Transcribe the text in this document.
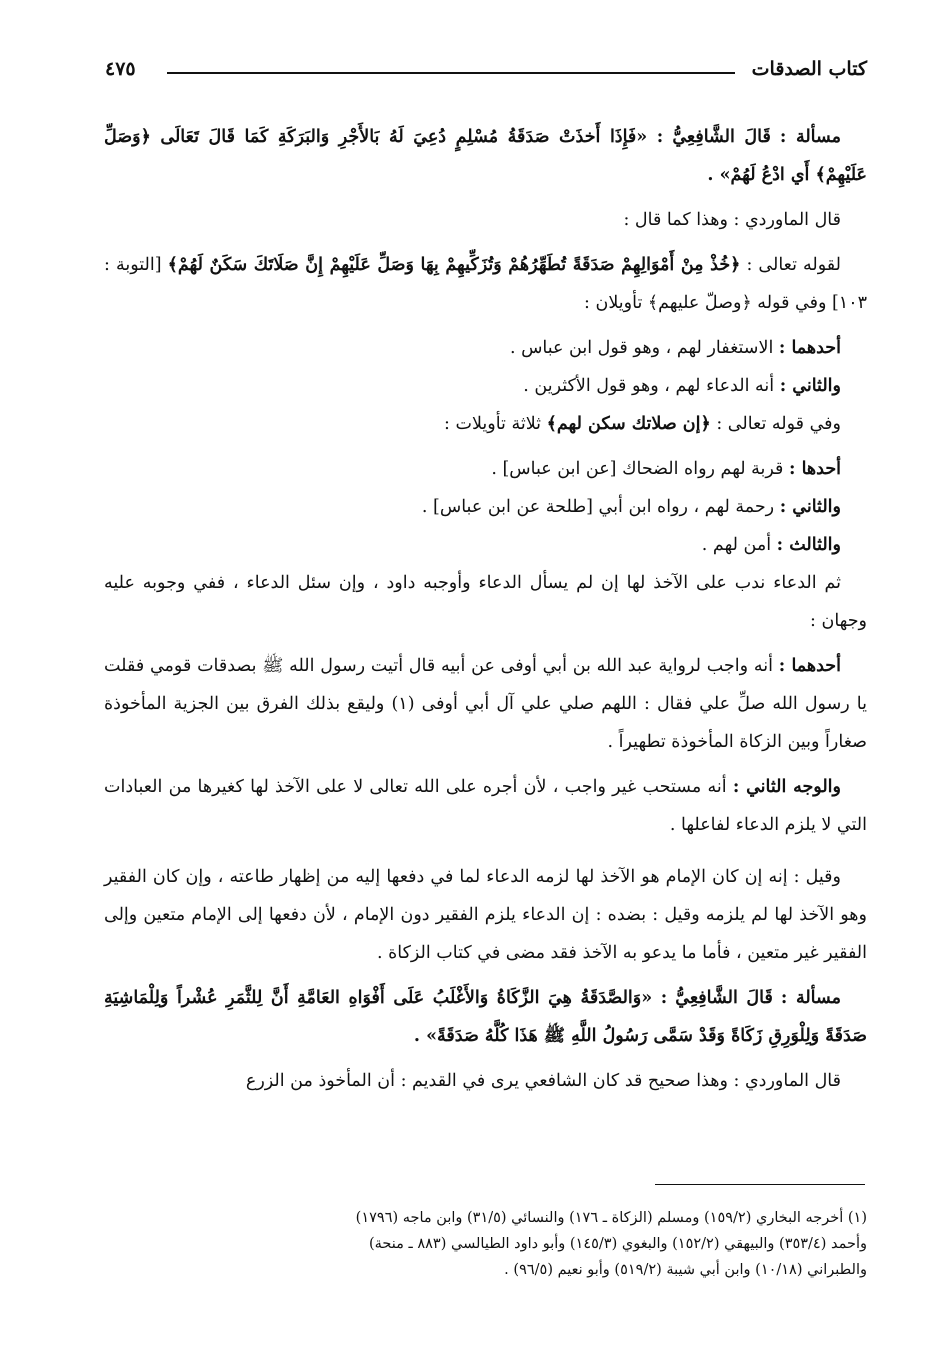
كتاب الصدقات
٤٧٥

مسألة : قَالَ الشَّافِعِيُّ : «فَإِذَا أَخذَتْ صَدَقَةُ مُسْلِمٍ دُعِيَ لَهُ بَالأَجْرِ وَالبَرَكَةِ كَمَا قَالَ تَعَالَى ﴿وَصَلِّ عَلَيْهِمْ﴾ أَي ادْعُ لَهُمْ» .

قال الماوردي : وهذا كما قال :

لقوله تعالى : ﴿خُذْ مِنْ أَمْوَالِهِمْ صَدَقَةً تُطَهِّرُهُمْ وَتُزَكِّيهِمْ بِهَا وَصَلِّ عَلَيْهِمْ إِنَّ صَلَاتَكَ سَكَنٌ لَهُمْ﴾ [التوبة : ١٠٣] وفي قوله ﴿وصلّ عليهم﴾ تأويلان :

أحدهما : الاستغفار لهم ، وهو قول ابن عباس .

والثاني : أنه الدعاء لهم ، وهو قول الأكثرين .

وفي قوله تعالى : ﴿إن صلاتك سكن لهم﴾ ثلاثة تأويلات :

أحدها : قربة لهم رواه الضحاك [عن ابن عباس] .

والثاني : رحمة لهم ، رواه ابن أبي [طلحة عن ابن عباس] .

والثالث : أمن لهم .

ثم الدعاء ندب على الآخذ لها إن لم يسأل الدعاء وأوجبه داود ، وإن سئل الدعاء ، ففي وجوبه عليه وجهان :

أحدهما : أنه واجب لرواية عبد الله بن أبي أوفى عن أبيه قال أتيت رسول الله ﷺ بصدقات قومي فقلت يا رسول الله صلِّ علي فقال : اللهم صلي علي آل أبي أوفى (١) وليقع بذلك الفرق بين الجزية المأخوذة صغاراً وبين الزكاة المأخوذة تطهيراً .

والوجه الثاني : أنه مستحب غير واجب ، لأن أجره على الله تعالى لا على الآخذ لها كغيرها من العبادات التي لا يلزم الدعاء لفاعلها .

وقيل : إنه إن كان الإمام هو الآخذ لها لزمه الدعاء لما في دفعها إليه من إظهار طاعته ، وإن كان الفقير وهو الآخذ لها لم يلزمه وقيل : بضده : إن الدعاء يلزم الفقير دون الإمام ، لأن دفعها إلى الإمام متعين وإلى الفقير غير متعين ، فأما ما يدعو به الآخذ فقد مضى في كتاب الزكاة .

مسألة : قَالَ الشَّافِعِيُّ : «وَالصَّدَقَةُ هِيَ الزَّكَاةُ وَالأَغْلَبُ عَلَى أَفْوَاهِ العَامَّةِ أَنَّ لِلثَّمَرِ عُشْراً وَلِلْمَاشِيَةِ صَدَقَةً وَلِلْوَرِقِ زَكَاةً وَقَدْ سَمَّى رَسُولُ اللَّهِ ﷺ هَذَا كُلَّهُ صَدَقَةً» .

قال الماوردي : وهذا صحيح قد كان الشافعي يرى في القديم : أن المأخوذ من الزرع

(١) أخرجه البخاري (١٥٩/٢) ومسلم (الزكاة ـ ١٧٦) والنسائي (٣١/٥) وابن ماجه (١٧٩٦)

وأحمد (٣٥٣/٤) والبيهقي (١٥٢/٢) والبغوي (١٤٥/٣) وأبو داود الطيالسي (٨٨٣ ـ منحة)

والطبراني (١٠/١٨) وابن أبي شيبة (٥١٩/٢) وأبو نعيم (٩٦/٥) .
